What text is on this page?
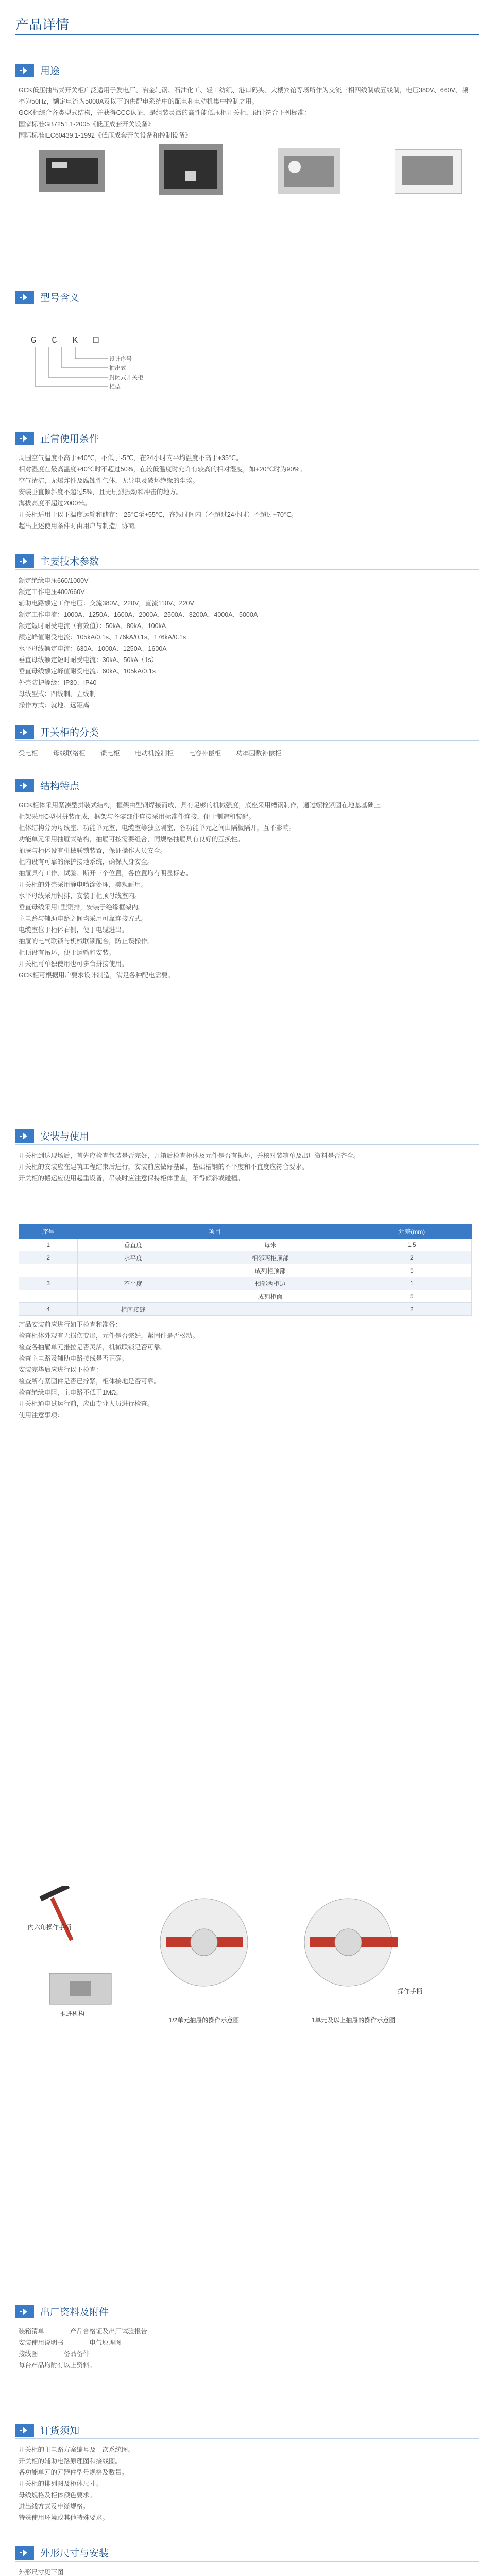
产品详情
用途

GCK低压抽出式开关柜广泛适用于发电厂、冶金轧钢、石油化工、轻工纺织、港口码头、大楼宾馆等场所作为交流三相四线制或五线制，电压380V、660V、频率为50Hz，额定电流为5000A及以下的供配电系统中的配电和电动机集中控制之用。

GCK柜综合各类型式结构，并获得CCC认证，是组装灵活的高性能低压柜开关柜，设计符合下列标准：

国家标准GB7251.1-2005《低压成套开关设备》

国际标准IEC60439.1-1992《低压成套开关设备和控制设备》

型号含义
G C K □
设计序号
抽出式
封闭式开关柜
柜型
正常使用条件
周围空气温度不高于+40℃，不低于-5℃，在24小时内平均温度不高于+35℃。
相对湿度在最高温度+40℃时不超过50%，在较低温度时允许有较高的相对湿度，如+20℃时为90%。
空气清洁，无爆炸性及腐蚀性气体，无导电及破坏绝缘的尘埃。
安装垂直倾斜度不超过5%，且无剧烈振动和冲击的地方。
海拔高度不超过2000米。
开关柜适用于以下温度运输和储存：-25℃至+55℃，在短时间内（不超过24小时）不超过+70℃。
超出上述使用条件时由用户与制造厂协商。
主要技术参数
额定绝缘电压660/1000V
额定工作电压400/660V
辅助电路额定工作电压：交流380V、220V，直流110V、220V
额定工作电流：1000A、1250A、1600A、2000A、2500A、3200A、4000A、5000A
额定短时耐受电流（有效值）：50kA、80kA、100kA
额定峰值耐受电流：105kA/0.1s、176kA/0.1s、176kA/0.1s
水平母线额定电流：630A、1000A、1250A、1600A
垂直母线额定短时耐受电流：30kA、50kA（1s）
垂直母线额定峰值耐受电流：60kA、105kA/0.1s
外壳防护等级：IP30、IP40
母线型式：四线制、五线制
操作方式：就地、远距离
开关柜的分类
受电柜 母线联络柜 馈电柜 电动机控制柜 电容补偿柜 功率因数补偿柜
结构特点

GCK柜体采用紧凑型拼装式结构，框架由型钢焊接而成，具有足够的机械强度，底座采用槽钢制作，通过螺栓紧固在地基基础上。

柜架采用C型材拼装而成，框架与各零部件连接采用标准件连接，便于制造和装配。

柜体结构分为母线室、功能单元室、电缆室等独立隔室，各功能单元之间由隔板隔开，互不影响。

功能单元采用抽屉式结构，抽屉可按需要组合，同规格抽屉具有良好的互换性。

抽屉与柜体设有机械联锁装置，保证操作人员安全。

柜内设有可靠的保护接地系统，确保人身安全。

抽屉具有工作、试验、断开三个位置，各位置均有明显标志。

开关柜的外壳采用静电喷涂处理，美观耐用。

水平母线采用铜排，安装于柜顶母线室内。

垂直母线采用L型铜排，安装于绝缘框架内。

主电路与辅助电路之间均采用可靠连接方式。

电缆室位于柜体右侧，便于电缆进出。

抽屉的电气联锁与机械联锁配合，防止误操作。

柜顶设有吊环，便于运输和安装。

开关柜可单独使用也可多台拼接使用。

GCK柜可根据用户要求设计制造，满足各种配电需要。

安装与使用

开关柜到达现场后，首先应检查包装是否完好，开箱后检查柜体及元件是否有损坏，并核对装箱单及出厂资料是否齐全。

开关柜的安装应在建筑工程结束后进行，安装前应做好基础，基础槽钢的不平度和不直度应符合要求。

开关柜的搬运应使用起重设备，吊装时应注意保持柜体垂直，不得倾斜或碰撞。

序号	项目		允差(mm)
1	垂直度	每米	1.5
2	水平度	相邻两柜顶部	2
		成列柜顶部	5
3	不平度	相邻两柜边	1
		成列柜面	5
4	柜间接缝		2

产品安装前应进行如下检查和准备：

检查柜体外观有无损伤变形，元件是否完好，紧固件是否松动。

检查各抽屉单元推拉是否灵活，机械联锁是否可靠。

检查主电路及辅助电路接线是否正确。

安装完毕后应进行以下检查：

检查所有紧固件是否已拧紧，柜体接地是否可靠。

检查绝缘电阻，主电路不低于1MΩ。

开关柜通电试运行前，应由专业人员进行检查。

使用注意事项：

内六角操作手柄
推进机构
1/2单元抽屉的操作示意图
操作手柄
1单元及以上抽屉的操作示意图
出厂资料及附件
装箱清单　　　　	产品合格证及出厂试验报告
安装使用说明书　　　　	电气原理图
接线图　　　　	备品备件
每台产品均附有以上资料。
订货须知
开关柜的主电路方案编号及一次系统图。
开关柜的辅助电路原理图和接线图。
各功能单元的元器件型号规格及数量。
开关柜的排列图及柜体尺寸。
母线规格及柜体颜色要求。
进出线方式及电缆规格。
特殊使用环境或其他特殊要求。
外形尺寸与安装
外形尺寸见下图
